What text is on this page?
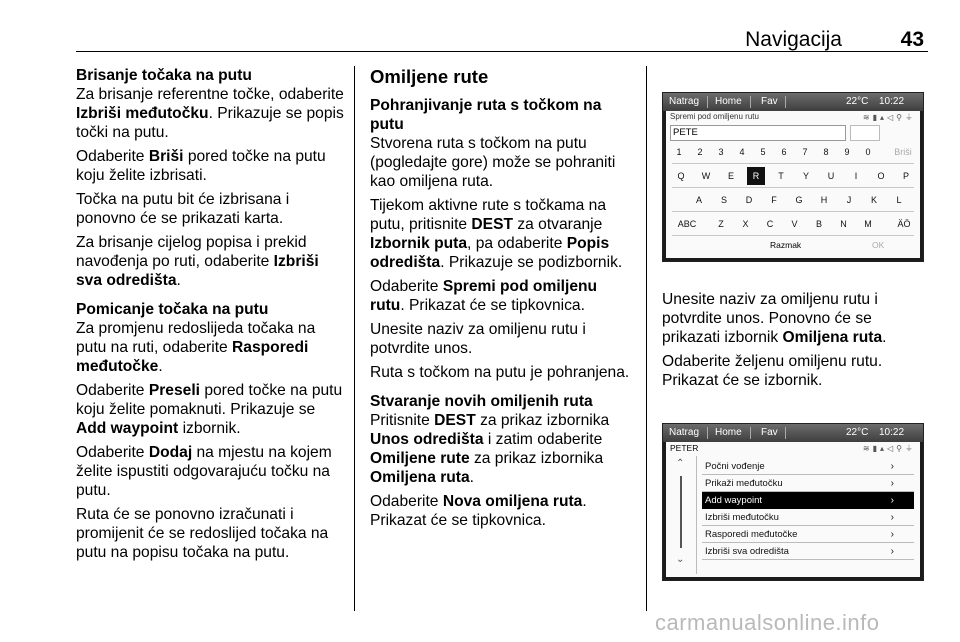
Navigacija	43
Brisanje točaka na putu

Za brisanje referentne točke, odaberite Izbriši međutočku. Prikazuje se popis točki na putu.

Odaberite Briši pored točke na putu koju želite izbrisati.

Točka na putu bit će izbrisana i ponovno će se prikazati karta.

Za brisanje cijelog popisa i prekid navođenja po ruti, odaberite Izbriši sva odredišta.

Pomicanje točaka na putu

Za promjenu redoslijeda točaka na putu na ruti, odaberite Rasporedi međutočke.

Odaberite Preseli pored točke na putu koju želite pomaknuti. Prikazuje se Add waypoint izbornik.

Odaberite Dodaj na mjestu na kojem želite ispustiti odgovarajuću točku na putu.

Ruta će se ponovno izračunati i promijenit će se redoslijed točaka na putu na popisu točaka na putu.

Omiljene rute
Pohranjivanje ruta s točkom na putu

Stvorena ruta s točkom na putu (pogledajte gore) može se pohraniti kao omiljena ruta.

Tijekom aktivne rute s točkama na putu, pritisnite DEST za otvaranje Izbornik puta, pa odaberite Popis odredišta. Prikazuje se podizbornik.

Odaberite Spremi pod omiljenu rutu. Prikazat će se tipkovnica.

Unesite naziv za omiljenu rutu i potvrdite unos.

Ruta s točkom na putu je pohranjena.

Stvaranje novih omiljenih ruta

Pritisnite DEST za prikaz izbornika Unos odredišta i zatim odaberite Omiljene rute za prikaz izbornika Omiljena ruta.

Odaberite Nova omiljena ruta. Prikazat će se tipkovnica.

Unesite naziv za omiljenu rutu i potvrdite unos. Ponovno će se prikazati izbornik Omiljena ruta.

Odaberite željenu omiljenu rutu. Prikazat će se izbornik.

Natrag Home Fav	22°C 10:22
Spremi pod omiljenu rutu	≋▮▴◁⚲⏚
PETE
1	2	3	4	5	6	7	8	9	0	Briši
Q	W	E	R	T	Y	U	I	O	P
A	S	D	F	G	H	J	K	L
Z	X	C	V	B	N	M
ABC	ÄÖ
Razmak	OK
Natrag Home Fav	22°C 10:22
PETER	≋▮▴◁⚲⏚
⌃
⌄
Počni vođenje	›
Prikaži međutočku	›
Add waypoint	›
Izbriši međutočku	›
Rasporedi međutočke	›
Izbriši sva odredišta	›
carmanualsonline.info
